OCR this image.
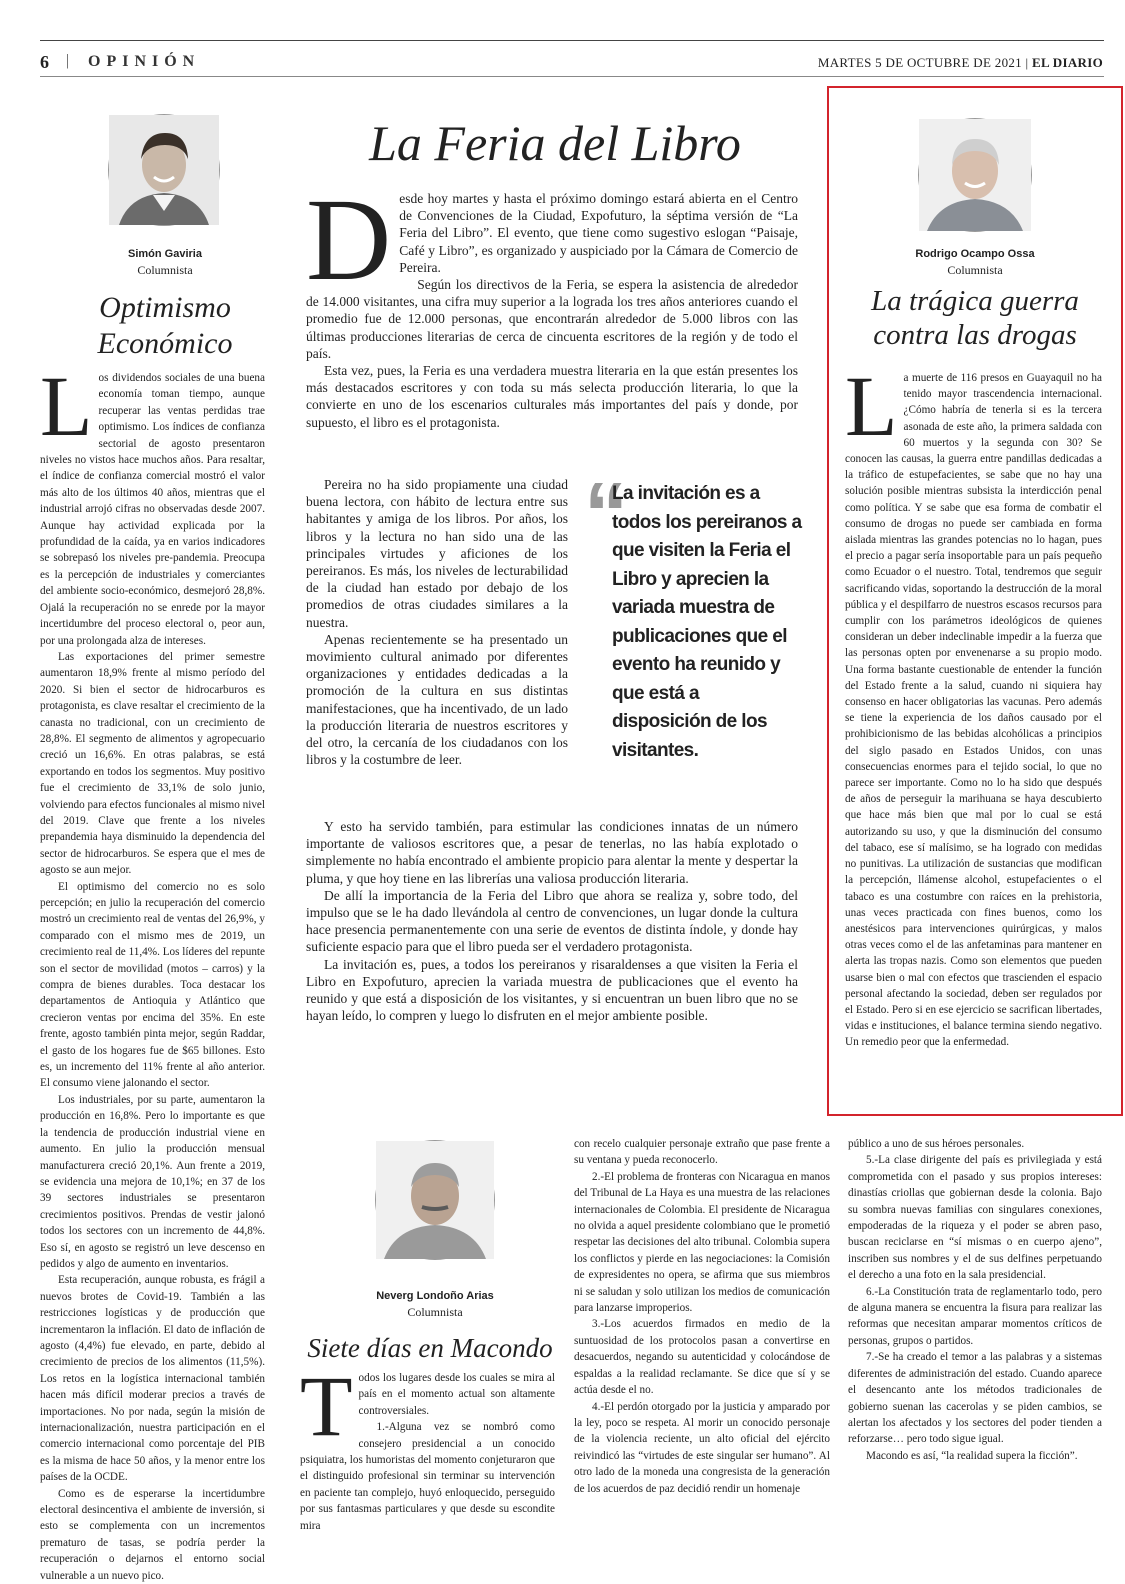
6 | OPINIÓN	MARTES 5 DE OCTUBRE DE 2021 | EL DIARIO
Simón Gaviria
Columnista
Optimismo
Económico
L os dividendos sociales de una buena economía toman tiempo, aunque recuperar las ventas perdidas trae optimismo. Los índices de confianza sectorial de agosto presentaron niveles no vistos hace muchos años. Para resaltar, el índice de confianza comercial mostró el valor más alto de los últimos 40 años, mientras que el industrial arrojó cifras no observadas desde 2007. Aunque hay actividad explicada por la profundidad de la caída, ya en varios indicadores se sobrepasó los niveles pre-pandemia. Preocupa es la percepción de industriales y comerciantes del ambiente socio-económico, desmejoró 28,8%. Ojalá la recuperación no se enrede por la mayor incertidumbre del proceso electoral o, peor aun, por una prolongada alza de intereses.

Las exportaciones del primer semestre aumentaron 18,9% frente al mismo período del 2020. Si bien el sector de hidrocarburos es protagonista, es clave resaltar el crecimiento de la canasta no tradicional, con un crecimiento de 28,8%. El segmento de alimentos y agropecuario creció un 16,6%. En otras palabras, se está exportando en todos los segmentos. Muy positivo fue el crecimiento de 33,1% de solo junio, volviendo para efectos funcionales al mismo nivel del 2019. Clave que frente a los niveles prepandemia haya disminuido la dependencia del sector de hidrocarburos. Se espera que el mes de agosto se aun mejor.

El optimismo del comercio no es solo percepción; en julio la recuperación del comercio mostró un crecimiento real de ventas del 26,9%, y comparado con el mismo mes de 2019, un crecimiento real de 11,4%. Los líderes del repunte son el sector de movilidad (motos – carros) y la compra de bienes durables. Toca destacar los departamentos de Antioquia y Atlántico que crecieron ventas por encima del 35%. En este frente, agosto también pinta mejor, según Raddar, el gasto de los hogares fue de $65 billones. Esto es, un incremento del 11% frente al año anterior. El consumo viene jalonando el sector.

Los industriales, por su parte, aumentaron la producción en 16,8%. Pero lo importante es que la tendencia de producción industrial viene en aumento. En julio la producción mensual manufacturera creció 20,1%. Aun frente a 2019, se evidencia una mejora de 10,1%; en 37 de los 39 sectores industriales se presentaron crecimientos positivos. Prendas de vestir jalonó todos los sectores con un incremento de 44,8%. Eso sí, en agosto se registró un leve descenso en pedidos y algo de aumento en inventarios.

Esta recuperación, aunque robusta, es frágil a nuevos brotes de Covid-19. También a las restricciones logísticas y de producción que incrementaron la inflación. El dato de inflación de agosto (4,4%) fue elevado, en parte, debido al crecimiento de precios de los alimentos (11,5%). Los retos en la logística internacional también hacen más difícil moderar precios a través de importaciones. No por nada, según la misión de internacionalización, nuestra participación en el comercio internacional como porcentaje del PIB es la misma de hace 50 años, y la menor entre los países de la OCDE.

Como es de esperarse la incertidumbre electoral desincentiva el ambiente de inversión, si esto se complementa con un incrementos prematuro de tasas, se podría perder la recuperación o dejarnos el entorno social vulnerable a un nuevo pico.

La Feria del Libro
D esde hoy martes y hasta el próximo domingo estará abierta en el Centro de Convenciones de la Ciudad, Expofuturo, la séptima versión de “La Feria del Libro”. El evento, que tiene como sugestivo eslogan “Paisaje, Café y Libro”, es organizado y auspiciado por la Cámara de Comercio de Pereira.

Según los directivos de la Feria, se espera la asistencia de alrededor de 14.000 visitantes, una cifra muy superior a la lograda los tres años anteriores cuando el promedio fue de 12.000 personas, que encontrarán alrededor de 5.000 libros con las últimas producciones literarias de cerca de cincuenta escritores de la región y de todo el país.

Esta vez, pues, la Feria es una verdadera muestra literaria en la que están presentes los más destacados escritores y con toda su más selecta producción literaria, lo que la convierte en uno de los escenarios culturales más importantes del país y donde, por supuesto, el libro es el protagonista.

Pereira no ha sido propiamente una ciudad buena lectora, con hábito de lectura entre sus habitantes y amiga de los libros. Por años, los libros y la lectura no han sido una de las principales virtudes y aficiones de los pereiranos. Es más, los niveles de lecturabilidad de la ciudad han estado por debajo de los promedios de otras ciudades similares a la nuestra.

Apenas recientemente se ha presentado un movimiento cultural animado por diferentes organizaciones y entidades dedicadas a la promoción de la cultura en sus distintas manifestaciones, que ha incentivado, de un lado la producción literaria de nuestros escritores y del otro, la cercanía de los ciudadanos con los libros y la costumbre de leer.

“
La invitación es a todos los pereiranos a que visiten la Feria el Libro y aprecien la variada muestra de publicaciones que el evento ha reunido y que está a disposición de los visitantes.

Y esto ha servido también, para estimular las condiciones innatas de un número importante de valiosos escritores que, a pesar de tenerlas, no las había explotado o simplemente no había encontrado el ambiente propicio para alentar la mente y despertar la pluma, y que hoy tiene en las librerías una valiosa producción literaria.

De allí la importancia de la Feria del Libro que ahora se realiza y, sobre todo, del impulso que se le ha dado llevándola al centro de convenciones, un lugar donde la cultura hace presencia permanentemente con una serie de eventos de distinta índole, y donde hay suficiente espacio para que el libro pueda ser el verdadero protagonista.

La invitación es, pues, a todos los pereiranos y risaraldenses a que visiten la Feria el Libro en Expofuturo, aprecien la variada muestra de publicaciones que el evento ha reunido y que está a disposición de los visitantes, y si encuentran un buen libro que no se hayan leído, lo compren y luego lo disfruten en el mejor ambiente posible.

Rodrigo Ocampo Ossa
Columnista
La trágica guerra
contra las drogas
L a muerte de 116 presos en Guayaquil no ha tenido mayor trascendencia internacional. ¿Cómo habría de tenerla si es la tercera asonada de este año, la primera saldada con 60 muertos y la segunda con 30? Se conocen las causas, la guerra entre pandillas dedicadas a la tráfico de estupefacientes, se sabe que no hay una solución posible mientras subsista la interdicción penal como política. Y se sabe que esa forma de combatir el consumo de drogas no puede ser cambiada en forma aislada mientras las grandes potencias no lo hagan, pues el precio a pagar sería insoportable para un país pequeño como Ecuador o el nuestro. Total, tendremos que seguir sacrificando vidas, soportando la destrucción de la moral pública y el despilfarro de nuestros escasos recursos para cumplir con los parámetros ideológicos de quienes consideran un deber indeclinable impedir a la fuerza que las personas opten por envenenarse a su propio modo. Una forma bastante cuestionable de entender la función del Estado frente a la salud, cuando ni siquiera hay consenso en hacer obligatorias las vacunas. Pero además se tiene la experiencia de los daños causado por el prohibicionismo de las bebidas alcohólicas a principios del siglo pasado en Estados Unidos, con unas consecuencias enormes para el tejido social, lo que no parece ser importante. Como no lo ha sido que después de años de perseguir la marihuana se haya descubierto que hace más bien que mal por lo cual se está autorizando su uso, y que la disminución del consumo del tabaco, ese sí malísimo, se ha logrado con medidas no punitivas. La utilización de sustancias que modifican la percepción, llámense alcohol, estupefacientes o el tabaco es una costumbre con raíces en la prehistoria, unas veces practicada con fines buenos, como los anestésicos para intervenciones quirúrgicas, y malos otras veces como el de las anfetaminas para mantener en alerta las tropas nazis. Como son elementos que pueden usarse bien o mal con efectos que trascienden el espacio personal afectando la sociedad, deben ser regulados por el Estado. Pero si en ese ejercicio se sacrifican libertades, vidas e instituciones, el balance termina siendo negativo. Un remedio peor que la enfermedad.

Neverg Londoño Arias
Columnista
Siete días en Macondo
T odos los lugares desde los cuales se mira al país en el momento actual son altamente controversiales.

1.-Alguna vez se nombró como consejero presidencial a un conocido psiquiatra, los humoristas del momento conjeturaron que el distinguido profesional sin terminar su intervención en paciente tan complejo, huyó enloquecido, perseguido por sus fantasmas particulares y que desde su escondite mira

con recelo cualquier personaje extraño que pase frente a su ventana y pueda reconocerlo.

2.-El problema de fronteras con Nicaragua en manos del Tribunal de La Haya es una muestra de las relaciones internacionales de Colombia. El presidente de Nicaragua no olvida a aquel presidente colombiano que le prometió respetar las decisiones del alto tribunal. Colombia supera los conflictos y pierde en las negociaciones: la Comisión de expresidentes no opera, se afirma que sus miembros ni se saludan y solo utilizan los medios de comunicación para lanzarse improperios.

3.-Los acuerdos firmados en medio de la suntuosidad de los protocolos pasan a convertirse en desacuerdos, negando su autenticidad y colocándose de espaldas a la realidad reclamante. Se dice que sí y se actúa desde el no.

4.-El perdón otorgado por la justicia y amparado por la ley, poco se respeta. Al morir un conocido personaje de la violencia reciente, un alto oficial del ejército reivindicó las “virtudes de este singular ser humano”. Al otro lado de la moneda una congresista de la generación de los acuerdos de paz decidió rendir un homenaje

público a uno de sus héroes personales.

5.-La clase dirigente del país es privilegiada y está comprometida con el pasado y sus propios intereses: dinastías criollas que gobiernan desde la colonia. Bajo su sombra nuevas familias con singulares conexiones, empoderadas de la riqueza y el poder se abren paso, buscan reciclarse en “sí mismas o en cuerpo ajeno”, inscriben sus nombres y el de sus delfines perpetuando el derecho a una foto en la sala presidencial.

6.-La Constitución trata de reglamentarlo todo, pero de alguna manera se encuentra la fisura para realizar las reformas que necesitan amparar momentos críticos de personas, grupos o partidos.

7.-Se ha creado el temor a las palabras y a sistemas diferentes de administración del estado. Cuando aparece el desencanto ante los métodos tradicionales de gobierno suenan las cacerolas y se piden cambios, se alertan los afectados y los sectores del poder tienden a reforzarse… pero todo sigue igual.

Macondo es así, “la realidad supera la ficción”.
